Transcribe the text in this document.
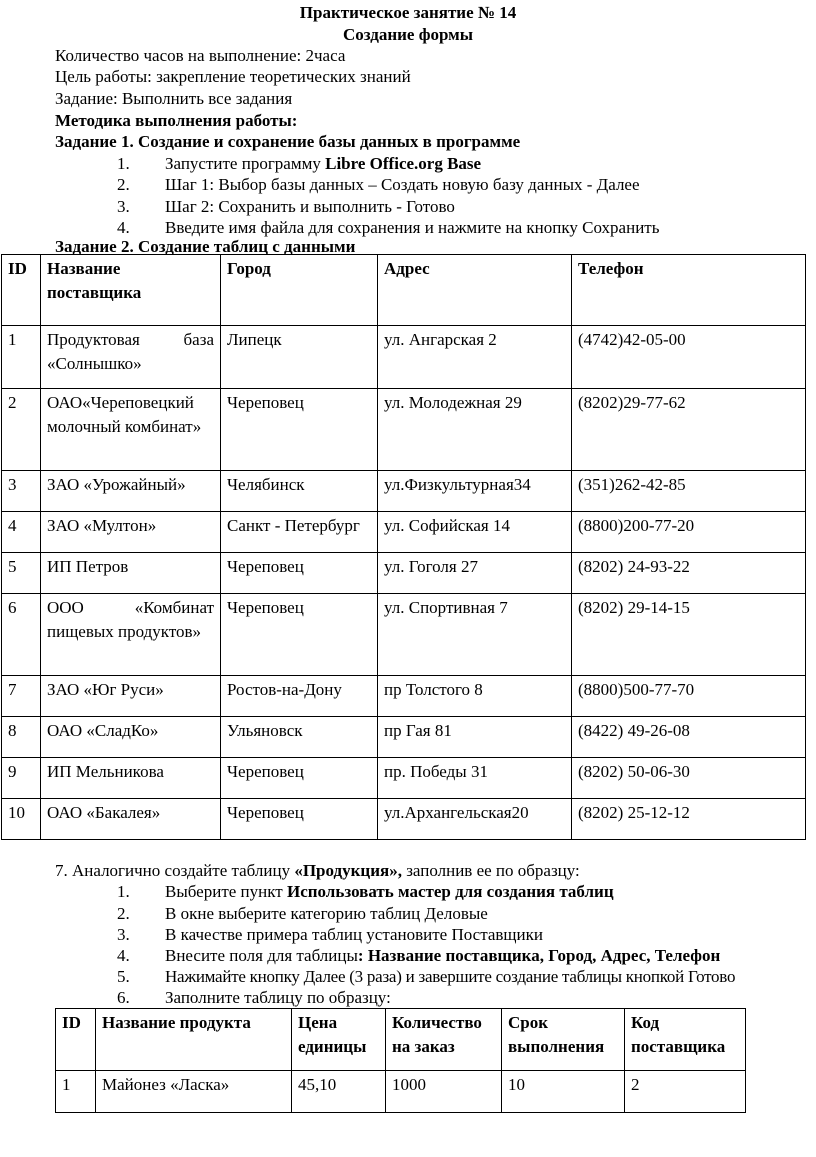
Практическое занятие № 14
Создание формы
Количество часов на выполнение: 2часа
Цель работы: закрепление теоретических знаний
Задание: Выполнить все задания
Методика выполнения работы:
Задание 1. Создание и сохранение базы данных в программе
1.	Запустите программу Libre Office.org Base
2.	Шаг 1: Выбор базы данных – Создать новую базу данных - Далее
3.	Шаг 2: Сохранить и выполнить - Готово
4.	Введите имя файла для сохранения и нажмите на кнопку Сохранить
Задание 2. Создание таблиц с данными
ID	Название поставщика	Город	Адрес	Телефон
1	Продуктовая база «Солнышко»	Липецк	ул. Ангарская 2	(4742)42-05-00
2	ОАО«Череповецкий молочный комбинат»	Череповец	ул. Молодежная 29	(8202)29-77-62
3	ЗАО «Урожайный»	Челябинск	ул.Физкультурная34	(351)262-42-85
4	ЗАО «Мултон»	Санкт - Петербург	ул. Софийская 14	(8800)200-77-20
5	ИП Петров	Череповец	ул. Гоголя 27	(8202) 24-93-22
6	ООО «Комбинат пищевых продуктов»	Череповец	ул. Спортивная 7	(8202) 29-14-15
7	ЗАО «Юг Руси»	Ростов-на-Дону	пр Толстого 8	(8800)500-77-70
8	ОАО «СладКо»	Ульяновск	пр Гая 81	(8422) 49-26-08
9	ИП Мельникова	Череповец	пр. Победы 31	(8202) 50-06-30
10	ОАО «Бакалея»	Череповец	ул.Архангельская20	(8202) 25-12-12
7. Аналогично создайте таблицу «Продукция», заполнив ее по образцу:
1.	Выберите пункт Использовать мастер для создания таблиц
2.	В окне выберите категорию таблиц Деловые
3.	В качестве примера таблиц установите Поставщики
4.	Внесите поля для таблицы: Название поставщика, Город, Адрес, Телефон
5.	Нажимайте кнопку Далее (3 раза) и завершите создание таблицы кнопкой Готово
6.	Заполните таблицу по образцу:
ID	Название продукта	Цена единицы	Количество на заказ	Срок выполнения	Код поставщика
1	Майонез «Ласка»	45,10	1000	10	2
